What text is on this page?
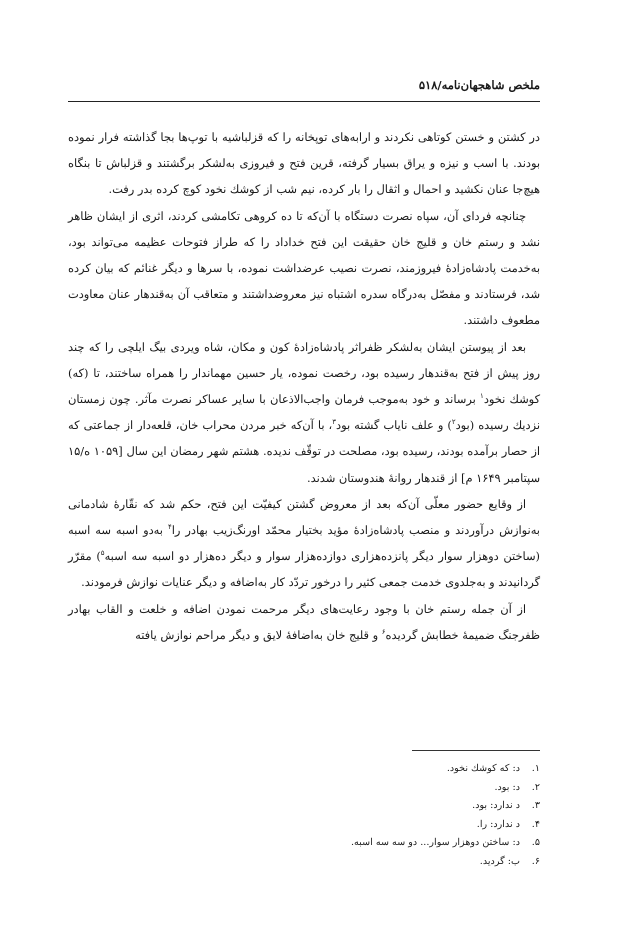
ملخص شاهجهان‌نامه/۵۱۸

در كشتن و خستن كوتاهی نكردند و ارابه‌های توپخانه را كه قزلباشیه با توپ‌ها بجا گذاشته فرار نموده بودند. با اسب و نیزه و یراق بسیار گرفته، قرین فتح و فیروزی به‌لشكر برگشتند و قزلباش تا بنگاه هیچ‌جا عنان نكشید و احمال و اثقال را بار كرده، نیم شب از كوشك نخود كوچ كرده بدر رفت.

چنانچه فردای آن، سپاه نصرت دستگاه با آن‌كه تا ده كروهی تكامشی كردند، اثری از ایشان ظاهر نشد و رستم خان و قلیج خان حقیقت این فتح خداداد را كه طراز فتوحات عظیمه می‌تواند بود، به‌خدمت پادشاه‌زادهٔ فیروزمند، نصرت نصیب عرضداشت نموده، با سرها و دیگر غنائم كه بیان كرده شد، فرستادند و مفصّل به‌درگاه سدره اشتباه نیز معروضداشتند و متعاقب آن به‌قندهار عنان معاودت مطعوف داشتند.

بعد از پیوستن ایشان به‌لشكر ظفراثر پادشاه‌زادهٔ كون و مكان، شاه ویردی بیگ ایلچی را كه چند روز پیش از فتح به‌قندهار رسیده بود، رخصت نموده، یار حسین مهماندار را همراه ساختند، تا (كه) كوشك نخود$^۱$ برساند و خود به‌موجب فرمان واجب‌الاذعان با سایر عساكر نصرت مآثر. چون زمستان نزدیك رسیده (بود$^۲$) و علف نایاب گشته بود$^۳$، با آن‌كه خبر مردن محراب خان، قلعه‌دار از جماعتی كه از حصار برآمده بودند، رسیده بود، مصلحت در توقّف ندیده. هشتم شهر رمضان این سال [۱۰۵۹ ه/۱۵ سپتامبر ۱۶۴۹ م] از قندهار روانهٔ هندوستان شدند.

از وقایع حضور معلّی آن‌كه بعد از معروض گشتن كیفیّت این فتح، حكم شد كه نقّارهٔ شادمانی به‌نوازش درآوردند و منصب پادشاه‌زادهٔ مؤید بختیار محمّد اورنگ‌زیب بهادر را$^۴$ به‌دو اسبه سه اسبه (ساختن دوهزار سوار دیگر پانزده‌هزاری دوازده‌هزار سوار و دیگر ده‌هزار دو اسبه سه اسبه$^۵$) مقرّر گردانیدند و به‌جلدوی خدمت جمعی كثیر را درخور تردّد كار به‌اضافه و دیگر عنایات نوازش فرمودند.

از آن جمله رستم خان با وجود رعایت‌های دیگر مرحمت نمودن اضافه و خلعت و القاب بهادر ظفرجنگ ضمیمهٔ خطابش گردیده$^۶$ و قلیج خان به‌اضافهٔ لایق و دیگر مراحم نوازش یافته

۱.
د: كه كوشك نخود.
۲.
د: بود.
۳.
د ندارد: بود.
۴.
د ندارد: را.
۵.
د: ساختن دوهزار سوار... دو سه سه اسبه.
۶.
ب: گردید.
